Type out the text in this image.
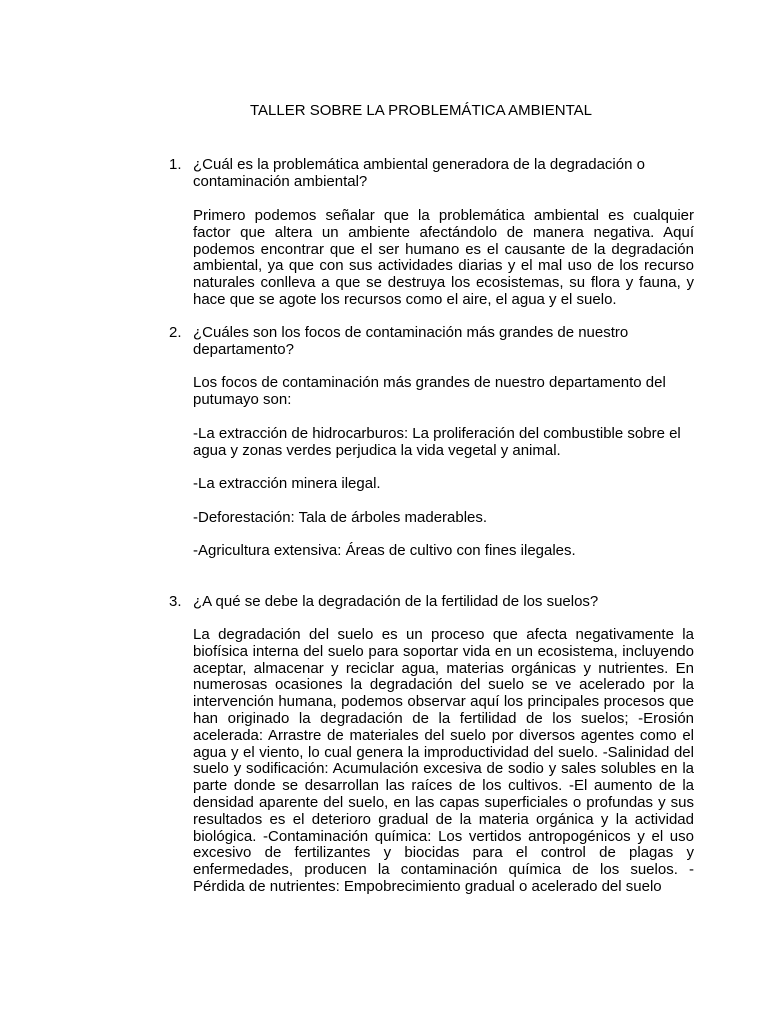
TALLER SOBRE LA PROBLEMÁTICA AMBIENTAL
1. ¿Cuál es la problemática ambiental generadora de la degradación o contaminación ambiental?
Primero podemos señalar que la problemática ambiental es cualquier factor que altera un ambiente afectándolo de manera negativa. Aquí podemos encontrar que el ser humano es el causante de la degradación ambiental, ya que con sus actividades diarias y el mal uso de los recurso naturales conlleva a que se destruya los ecosistemas, su flora y fauna, y hace que se agote los recursos como el aire, el agua y el suelo.
2. ¿Cuáles son los focos de contaminación más grandes de nuestro departamento?
Los focos de contaminación más grandes de nuestro departamento del putumayo son:
-La extracción de hidrocarburos: La proliferación del combustible sobre el agua y zonas verdes perjudica la vida vegetal y animal.
-La extracción minera ilegal.
-Deforestación: Tala de árboles maderables.
-Agricultura extensiva: Áreas de cultivo con fines ilegales.
3. ¿A qué se debe la degradación de la fertilidad de los suelos?
La degradación del suelo es un proceso que afecta negativamente la biofísica interna del suelo para soportar vida en un ecosistema, incluyendo aceptar, almacenar y reciclar agua, materias orgánicas y nutrientes. En numerosas ocasiones la degradación del suelo se ve acelerado por la intervención humana, podemos observar aquí los principales procesos que han originado la degradación de la fertilidad de los suelos; -Erosión acelerada: Arrastre de materiales del suelo por diversos agentes como el agua y el viento, lo cual genera la improductividad del suelo. -Salinidad del suelo y sodificación: Acumulación excesiva de sodio y sales solubles en la parte donde se desarrollan las raíces de los cultivos. -El aumento de la densidad aparente del suelo, en las capas superficiales o profundas y sus resultados es el deterioro gradual de la materia orgánica y la actividad biológica. -Contaminación química: Los vertidos antropogénicos y el uso excesivo de fertilizantes y biocidas para el control de plagas y enfermedades, producen la contaminación química de los suelos. - Pérdida de nutrientes: Empobrecimiento gradual o acelerado del suelo
